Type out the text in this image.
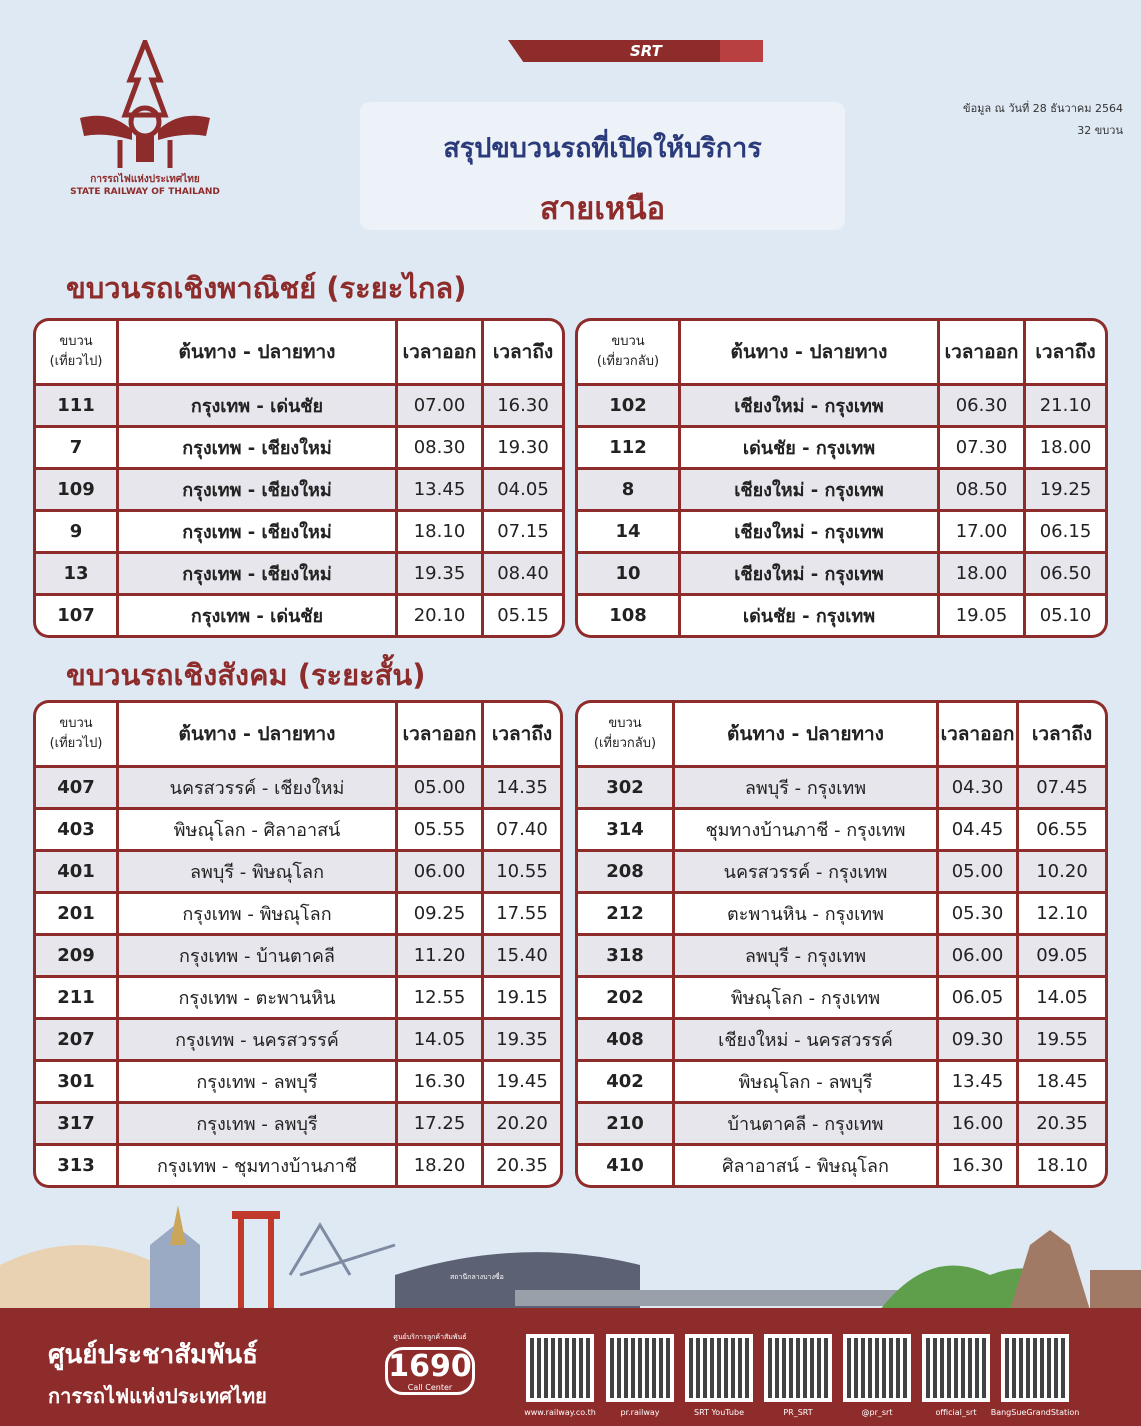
SRT
การรถไฟแห่งประเทศไทย
STATE RAILWAY OF THAILAND
สรุปขบวนรถที่เปิดให้บริการ
สายเหนือ
ข้อมูล ณ วันที่ 28 ธันวาคม 2564
32 ขบวน
ขบวนรถเชิงพาณิชย์ (ระยะไกล)
ขบวนรถเชิงสังคม (ระยะสั้น)
ขบวน
(เที่ยวไป)	ต้นทาง - ปลายทาง	เวลาออก เวลาถึง
111	กรุงเทพ - เด่นชัย	07.00	16.30
7	กรุงเทพ - เชียงใหม่	08.30	19.30
109	กรุงเทพ - เชียงใหม่	13.45	04.05
9	กรุงเทพ - เชียงใหม่	18.10	07.15
13	กรุงเทพ - เชียงใหม่	19.35	08.40
107	กรุงเทพ - เด่นชัย	20.10	05.15
ขบวน
(เที่ยวกลับ)	ต้นทาง - ปลายทาง	เวลาออก เวลาถึง
102	เชียงใหม่ - กรุงเทพ	06.30	21.10
112	เด่นชัย - กรุงเทพ	07.30	18.00
8	เชียงใหม่ - กรุงเทพ	08.50	19.25
14	เชียงใหม่ - กรุงเทพ	17.00	06.15
10	เชียงใหม่ - กรุงเทพ	18.00	06.50
108	เด่นชัย - กรุงเทพ	19.05	05.10
ขบวน
(เที่ยวไป)	ต้นทาง - ปลายทาง	เวลาออก เวลาถึง
407	นครสวรรค์ - เชียงใหม่	05.00	14.35
403	พิษณุโลก - ศิลาอาสน์	05.55	07.40
401	ลพบุรี - พิษณุโลก	06.00	10.55
201	กรุงเทพ - พิษณุโลก	09.25	17.55
209	กรุงเทพ - บ้านตาคลี	11.20	15.40
211	กรุงเทพ - ตะพานหิน	12.55	19.15
207	กรุงเทพ - นครสวรรค์	14.05	19.35
301	กรุงเทพ - ลพบุรี	16.30	19.45
317	กรุงเทพ - ลพบุรี	17.25	20.20
313	กรุงเทพ - ชุมทางบ้านภาชี	18.20	20.35
ขบวน
(เที่ยวกลับ)	ต้นทาง - ปลายทาง	เวลาออก เวลาถึง
302	ลพบุรี - กรุงเทพ	04.30	07.45
314	ชุมทางบ้านภาชี - กรุงเทพ	04.45	06.55
208	นครสวรรค์ - กรุงเทพ	05.00	10.20
212	ตะพานหิน - กรุงเทพ	05.30	12.10
318	ลพบุรี - กรุงเทพ	06.00	09.05
202	พิษณุโลก - กรุงเทพ	06.05	14.05
408	เชียงใหม่ - นครสวรรค์	09.30	19.55
402	พิษณุโลก - ลพบุรี	13.45	18.45
210	บ้านตาคลี - กรุงเทพ	16.00	20.35
410	ศิลาอาสน์ - พิษณุโลก	16.30	18.10
สถานีกลางบางซื่อ
ศูนย์ประชาสัมพันธ์
การรถไฟแห่งประเทศไทย
ศูนย์บริการลูกค้าสัมพันธ์
1690
Call Center
www.railway.co.th	pr.railway	SRT YouTube	PR_SRT	@pr_srt	official_srt	BangSueGrandStation
